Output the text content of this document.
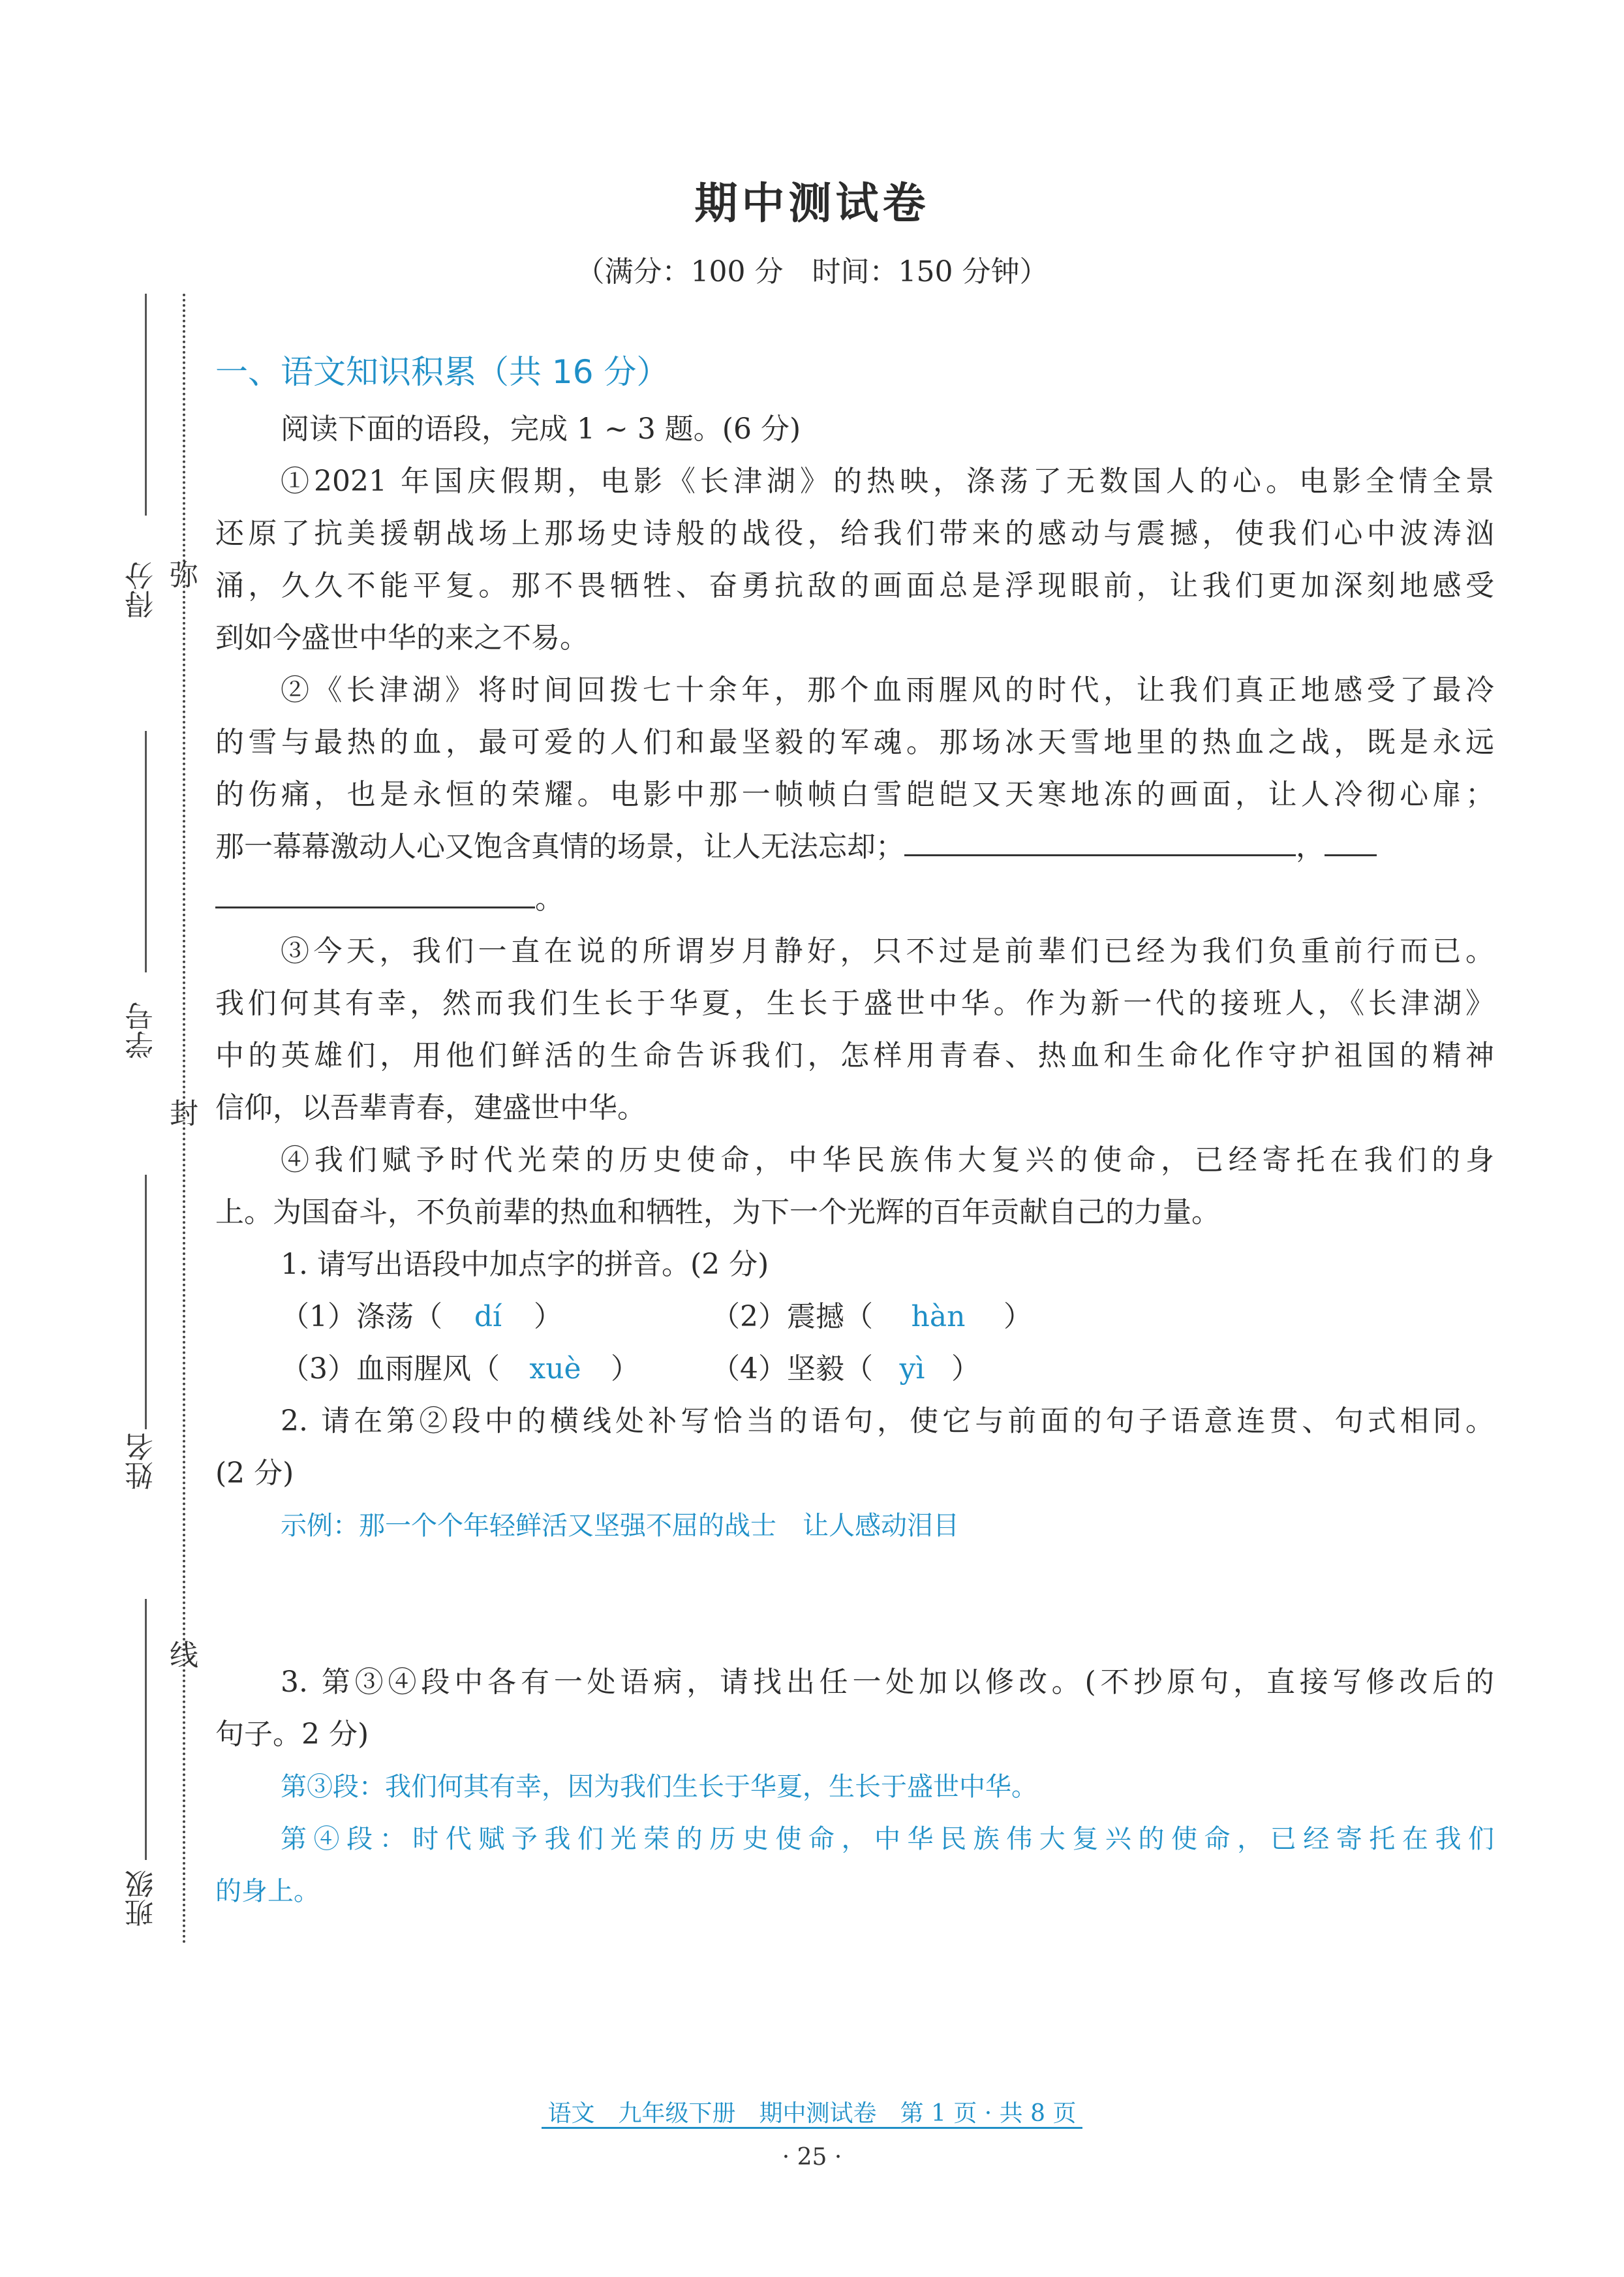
得分
学号
姓名
班级
弥
封
线
期中测试卷
（满分：100 分　时间：150 分钟）
一、语文知识积累（共 16 分）
阅读下面的语段，完成 1 ~ 3 题。(6 分)
①2021 年国庆假期，电影《长津湖》的热映，涤荡了无数国人的心。电影全情全景
还原了抗美援朝战场上那场史诗般的战役，给我们带来的感动与震撼，使我们心中波涛汹
涌，久久不能平复。那不畏牺牲、奋勇抗敌的画面总是浮现眼前，让我们更加深刻地感受
到如今盛世中华的来之不易。
②《长津湖》将时间回拨七十余年，那个血雨腥风的时代，让我们真正地感受了最冷
的雪与最热的血，最可爱的人们和最坚毅的军魂。那场冰天雪地里的热血之战，既是永远
的伤痛，也是永恒的荣耀。电影中那一帧帧白雪皑皑又天寒地冻的画面，让人冷彻心扉；
那一幕幕激动人心又饱含真情的场景，让人无法忘却；	，
。
③今天，我们一直在说的所谓岁月静好，只不过是前辈们已经为我们负重前行而已。
我们何其有幸，然而我们生长于华夏，生长于盛世中华。作为新一代的接班人，《长津湖》
中的英雄们，用他们鲜活的生命告诉我们，怎样用青春、热血和生命化作守护祖国的精神
信仰，以吾辈青春，建盛世中华。
④我们赋予时代光荣的历史使命，中华民族伟大复兴的使命，已经寄托在我们的身
上。为国奋斗，不负前辈的热血和牺牲，为下一个光辉的百年贡献自己的力量。
1. 请写出语段中加点字的拼音。(2 分)
（1）涤荡（ dí ）	（2）震撼（ hàn ）
（3）血雨腥风（ xuè ）	（4）坚毅（ yì ）
2. 请在第②段中的横线处补写恰当的语句，使它与前面的句子语意连贯、句式相同。
(2 分)
示例：那一个个年轻鲜活又坚强不屈的战士　让人感动泪目
3. 第③④段中各有一处语病，请找出任一处加以修改。(不抄原句，直接写修改后的
句子。2 分)
第③段：我们何其有幸，因为我们生长于华夏，生长于盛世中华。
第④段：时代赋予我们光荣的历史使命，中华民族伟大复兴的使命，已经寄托在我们
的身上。
语文　九年级下册　期中测试卷　第 1 页 · 共 8 页
· 25 ·
